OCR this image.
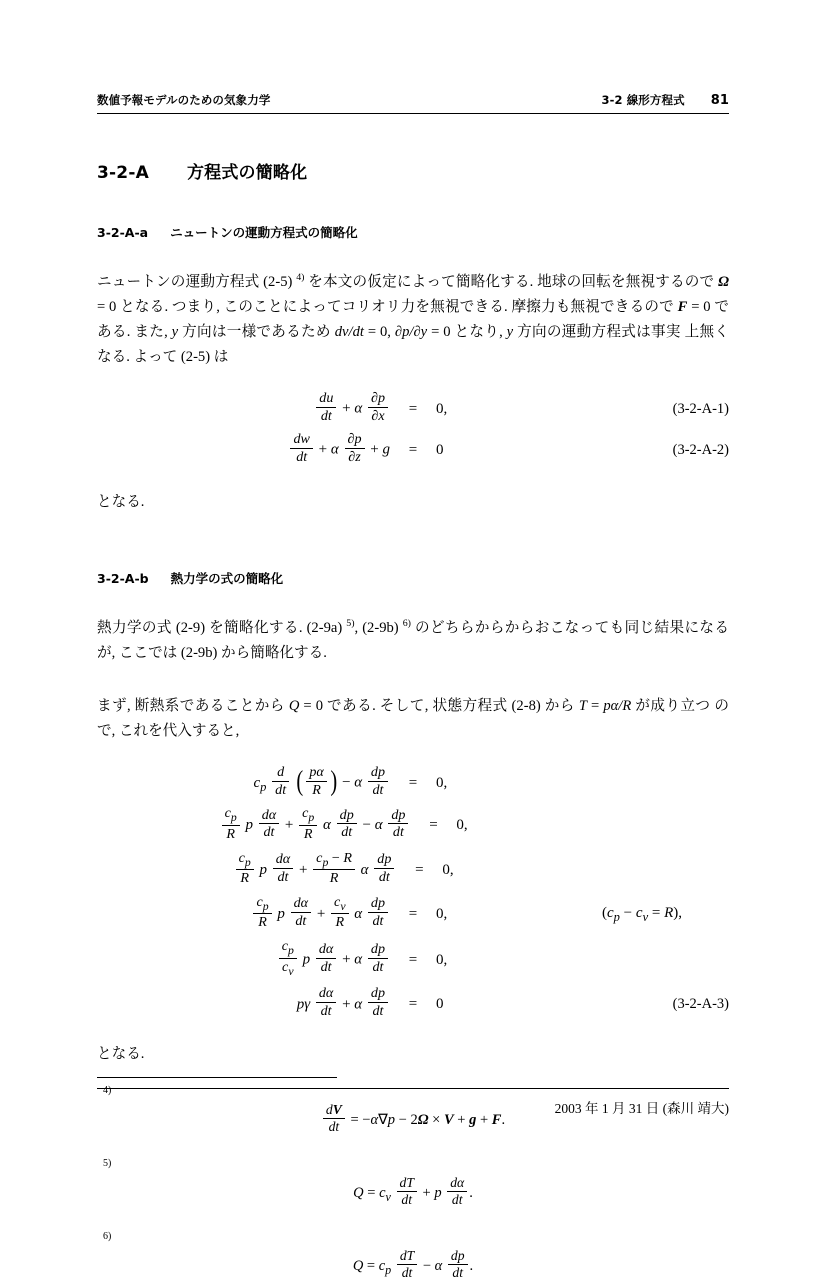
数値予報モデルのための気象力学	3-2 線形方程式 81
3-2-A 方程式の簡略化
3-2-A-a ニュートンの運動方程式の簡略化

ニュートンの運動方程式 (2-5) $^{4)}$ を本文の仮定によって簡略化する. 地球の回転を無視するので Ω = 0 となる. つまり, このことによってコリオリ力を無視できる. 摩擦力も無視できるので F = 0 である. また, y 方向は一様であるため dv/dt = 0, ∂p/∂y = 0 となり, y 方向の運動方程式は事実 上無くなる. よって (2-5) は

$\frac{du}{dt} + \alpha \frac{\partial p}{\partial x}$	=	0,	(3-2-A-1)
$\frac{dw}{dt} + \alpha \frac{\partial p}{\partial z} + g$	=	0	(3-2-A-2)

となる.

3-2-A-b 熱力学の式の簡略化

熱力学の式 (2-9) を簡略化する. (2-9a) $^{5)}$, (2-9b) $^{6)}$ のどちらからからおこなっても同じ結果になるが, ここでは (2-9b) から簡略化する.

まず, 断熱系であることから Q = 0 である. そして, 状態方程式 (2-8) から T = pα/R が成り立つ ので, これを代入すると,

$c_p \frac{d}{dt}$ ( $\frac{p\alpha}{R}$ ) − α $\frac{dp}{dt}$	=	0,
$\frac{c_p}{R}$ p $\frac{d\alpha}{dt} + \frac{c_p}{R}$ α $\frac{dp}{dt} - \alpha \frac{dp}{dt}$	=	0,
$\frac{c_p}{R}$ p $\frac{d\alpha}{dt} + \frac{c_p - R}{R}$ α $\frac{dp}{dt}$	=	0,
$\frac{c_p}{R}$ p $\frac{d\alpha}{dt} + \frac{c_v}{R}$ α $\frac{dp}{dt}$	=	0,	$(c_p - c_v = R)$,
$\frac{c_p}{c_v}$ p $\frac{d\alpha}{dt} + \alpha \frac{dp}{dt}$	=	0,
pγ $\frac{d\alpha}{dt} + \alpha \frac{dp}{dt}$	=	0	(3-2-A-3)
となる.
4)
$\frac{dV}{dt} = -\alpha\nabla p - 2\Omega \times V + g + F$.
5)
$Q = c_v \frac{dT}{dt} + p \frac{d\alpha}{dt}$ .
6)
$Q = c_p \frac{dT}{dt} - \alpha \frac{dp}{dt}$ .
2003 年 1 月 31 日 (森川 靖大)
